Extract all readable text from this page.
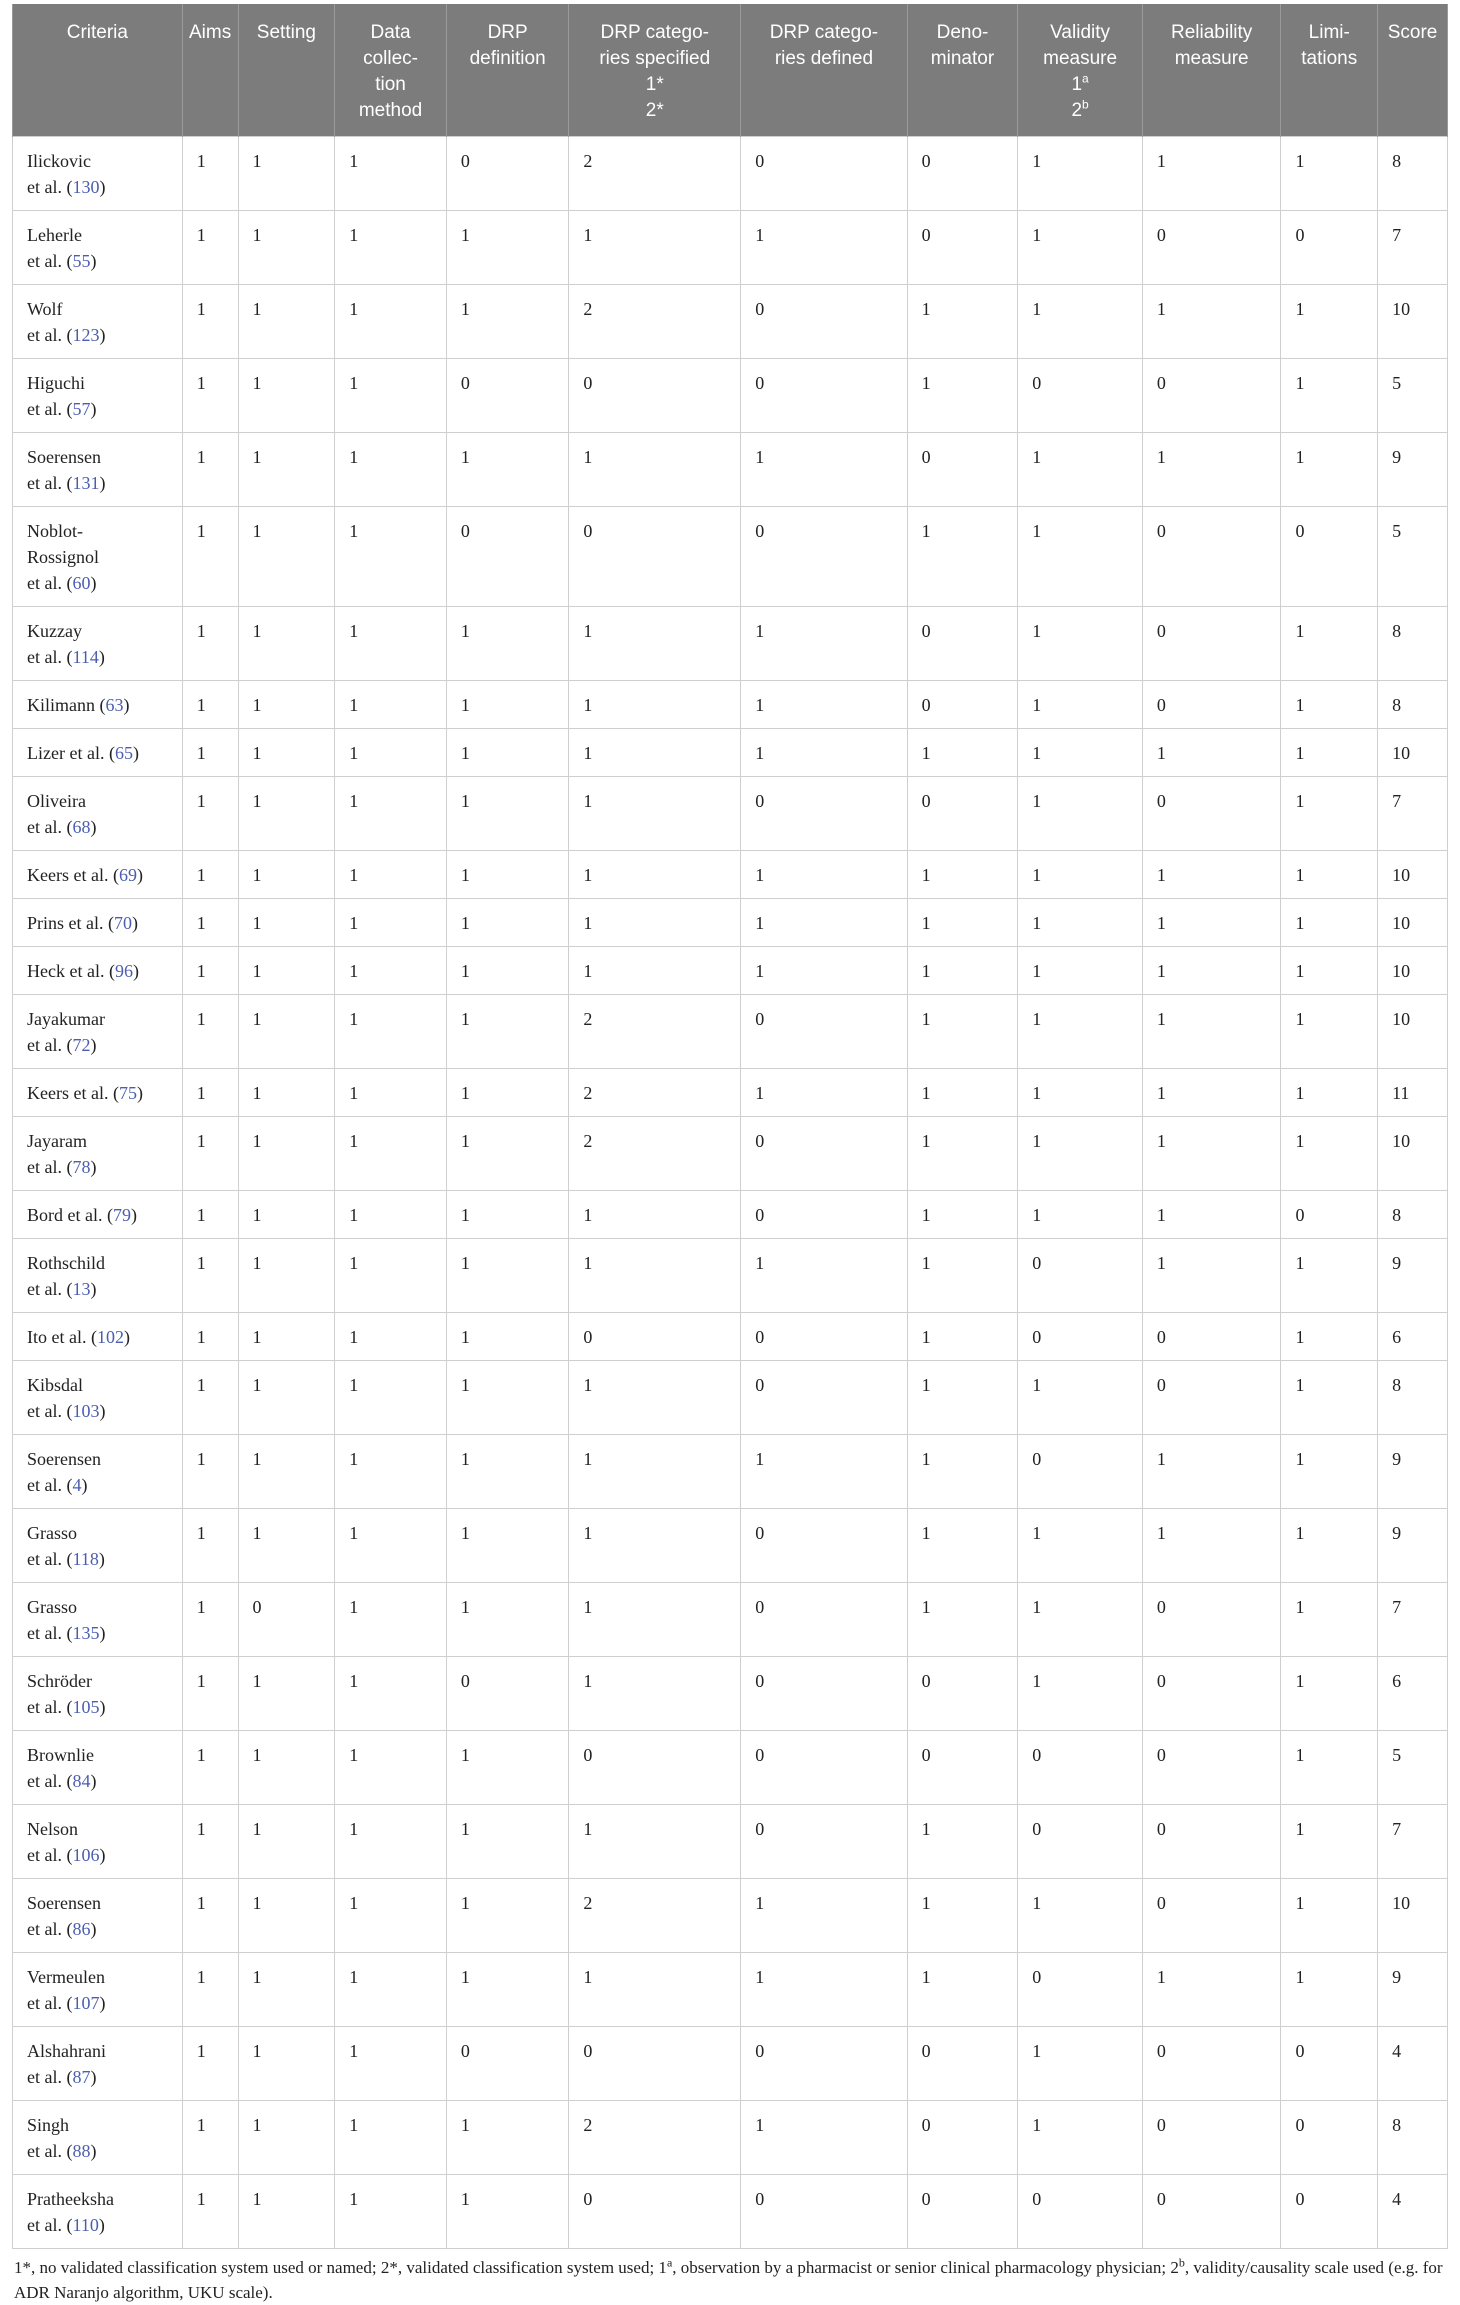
Criteria	Aims	Setting	Data collec-
tion method	DRP
definition	DRP catego-
ries specified
1*
2*	DRP catego-
ries defined	Deno-
minator	Validity
measure
1$^a$
2$^b$	Reliability
measure	Limi-
tations	Score
Ilickovic
et al. (130)	1	1	1	0	2	0	0	1	1	1	8
Leherle
et al. (55)	1	1	1	1	1	1	0	1	0	0	7
Wolf
et al. (123)	1	1	1	1	2	0	1	1	1	1	10
Higuchi
et al. (57)	1	1	1	0	0	0	1	0	0	1	5
Soerensen
et al. (131)	1	1	1	1	1	1	0	1	1	1	9
Noblot-
Rossignol
et al. (60)	1	1	1	0	0	0	1	1	0	0	5
Kuzzay
et al. (114)	1	1	1	1	1	1	0	1	0	1	8
Kilimann (63)	1	1	1	1	1	1	0	1	0	1	8
Lizer et al. (65)	1	1	1	1	1	1	1	1	1	1	10
Oliveira
et al. (68)	1	1	1	1	1	0	0	1	0	1	7
Keers et al. (69)	1	1	1	1	1	1	1	1	1	1	10
Prins et al. (70)	1	1	1	1	1	1	1	1	1	1	10
Heck et al. (96)	1	1	1	1	1	1	1	1	1	1	10
Jayakumar
et al. (72)	1	1	1	1	2	0	1	1	1	1	10
Keers et al. (75)	1	1	1	1	2	1	1	1	1	1	11
Jayaram
et al. (78)	1	1	1	1	2	0	1	1	1	1	10
Bord et al. (79)	1	1	1	1	1	0	1	1	1	0	8
Rothschild
et al. (13)	1	1	1	1	1	1	1	0	1	1	9
Ito et al. (102)	1	1	1	1	0	0	1	0	0	1	6
Kibsdal
et al. (103)	1	1	1	1	1	0	1	1	0	1	8
Soerensen
et al. (4)	1	1	1	1	1	1	1	0	1	1	9
Grasso
et al. (118)	1	1	1	1	1	0	1	1	1	1	9
Grasso
et al. (135)	1	0	1	1	1	0	1	1	0	1	7
Schröder
et al. (105)	1	1	1	0	1	0	0	1	0	1	6
Brownlie
et al. (84)	1	1	1	1	0	0	0	0	0	1	5
Nelson
et al. (106)	1	1	1	1	1	0	1	0	0	1	7
Soerensen
et al. (86)	1	1	1	1	2	1	1	1	0	1	10
Vermeulen
et al. (107)	1	1	1	1	1	1	1	0	1	1	9
Alshahrani
et al. (87)	1	1	1	0	0	0	0	1	0	0	4
Singh
et al. (88)	1	1	1	1	2	1	0	1	0	0	8
Pratheeksha
et al. (110)	1	1	1	1	0	0	0	0	0	0	4
1*, no validated classification system used or named; 2*, validated classification system used; 1$^a$, observation by a pharmacist or senior clinical pharmacology physician; 2$^b$, validity/causality scale used (e.g. for ADR Naranjo algorithm, UKU scale).
